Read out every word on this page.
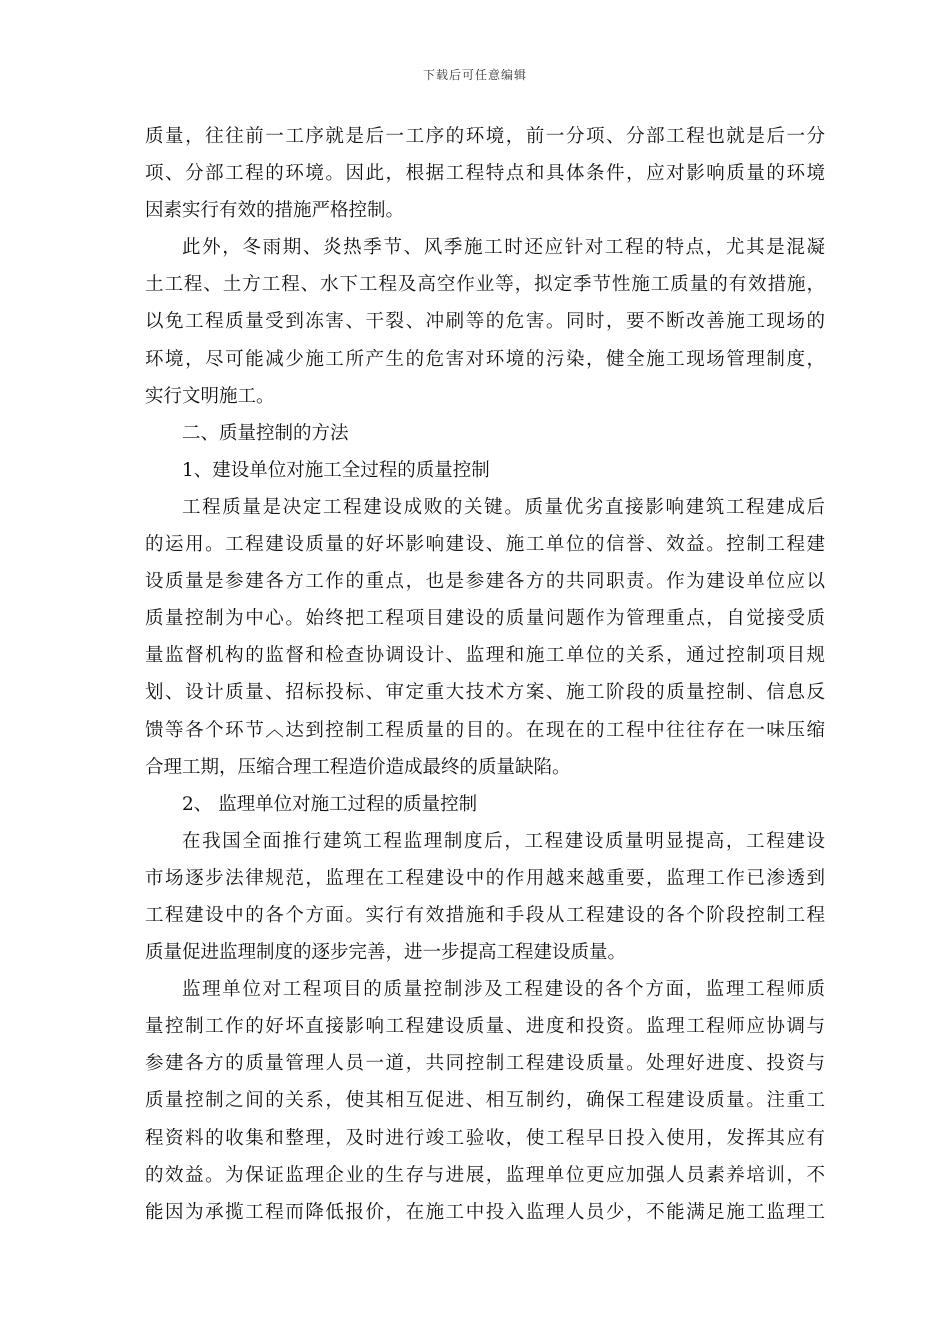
下载后可任意编辑
质量，往往前一工序就是后一工序的环境，前一分项、分部工程也就是后一分
项、分部工程的环境。因此，根据工程特点和具体条件，应对影响质量的环境
因素实行有效的措施严格控制。
此外，冬雨期、炎热季节、风季施工时还应针对工程的特点，尤其是混凝
土工程、土方工程、水下工程及高空作业等，拟定季节性施工质量的有效措施，
以免工程质量受到冻害、干裂、冲刷等的危害。同时，要不断改善施工现场的
环境，尽可能减少施工所产生的危害对环境的污染，健全施工现场管理制度，
实行文明施工。
二、质量控制的方法
1、建设单位对施工全过程的质量控制
工程质量是决定工程建设成败的关键。质量优劣直接影响建筑工程建成后
的运用。工程建设质量的好坏影响建设、施工单位的信誉、效益。控制工程建
设质量是参建各方工作的重点，也是参建各方的共同职责。作为建设单位应以
质量控制为中心。始终把工程项目建设的质量问题作为管理重点，自觉接受质
量监督机构的监督和检查协调设计、监理和施工单位的关系，通过控制项目规
划、设计质量、招标投标、审定重大技术方案、施工阶段的质量控制、信息反
馈等各个环节︿达到控制工程质量的目的。在现在的工程中往往存在一味压缩
合理工期，压缩合理工程造价造成最终的质量缺陷。
2、 监理单位对施工过程的质量控制
在我国全面推行建筑工程监理制度后，工程建设质量明显提高，工程建设
市场逐步法律规范，监理在工程建设中的作用越来越重要，监理工作已渗透到
工程建设中的各个方面。实行有效措施和手段从工程建设的各个阶段控制工程
质量促进监理制度的逐步完善，进一步提高工程建设质量。
监理单位对工程项目的质量控制涉及工程建设的各个方面，监理工程师质
量控制工作的好坏直接影响工程建设质量、进度和投资。监理工程师应协调与
参建各方的质量管理人员一道，共同控制工程建设质量。处理好进度、投资与
质量控制之间的关系，使其相互促进、相互制约，确保工程建设质量。注重工
程资料的收集和整理，及时进行竣工验收，使工程早日投入使用，发挥其应有
的效益。为保证监理企业的生存与进展，监理单位更应加强人员素养培训，不
能因为承揽工程而降低报价，在施工中投入监理人员少，不能满足施工监理工
